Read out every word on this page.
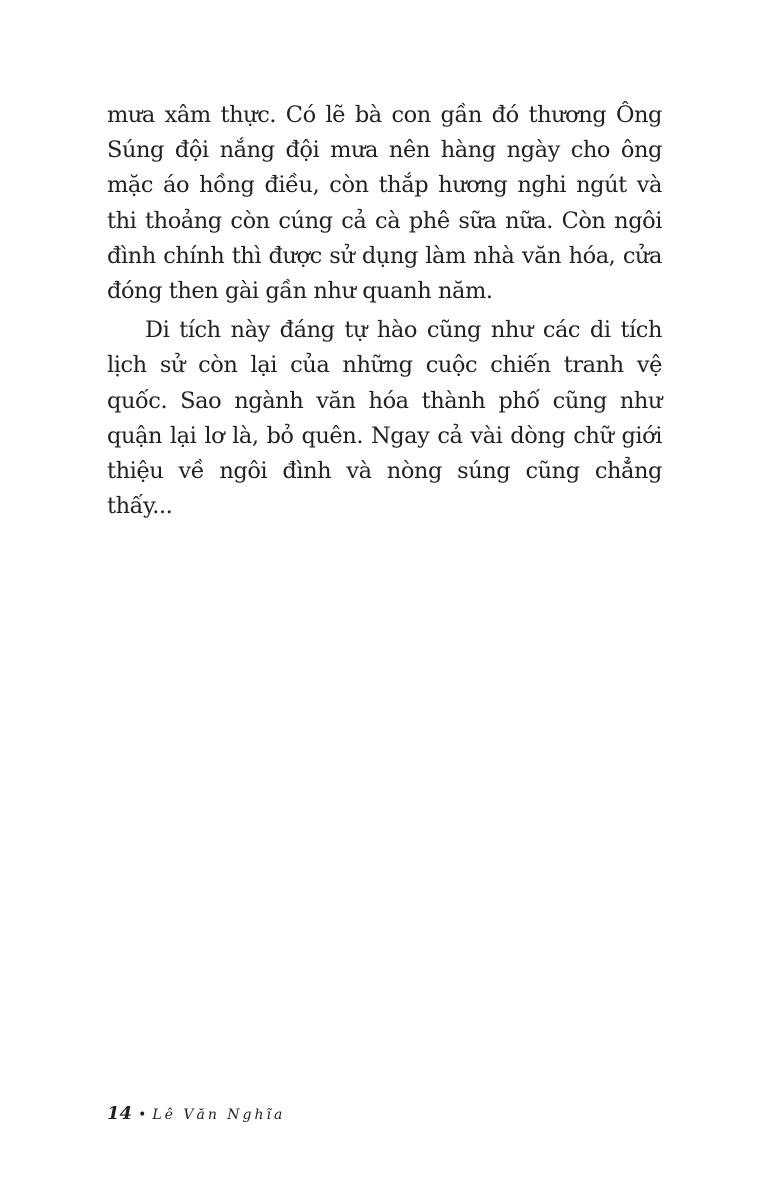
mưa xâm thực. Có lẽ bà con gần đó thương Ông Súng đội nắng đội mưa nên hàng ngày cho ông mặc áo hồng điều, còn thắp hương nghi ngút và thi thoảng còn cúng cả cà phê sữa nữa. Còn ngôi đình chính thì được sử dụng làm nhà văn hóa, cửa đóng then gài gần như quanh năm.

Di tích này đáng tự hào cũng như các di tích lịch sử còn lại của những cuộc chiến tranh vệ quốc. Sao ngành văn hóa thành phố cũng như quận lại lơ là, bỏ quên. Ngay cả vài dòng chữ giới thiệu về ngôi đình và nòng súng cũng chẳng thấy...

14 • Lê Văn Nghĩa
